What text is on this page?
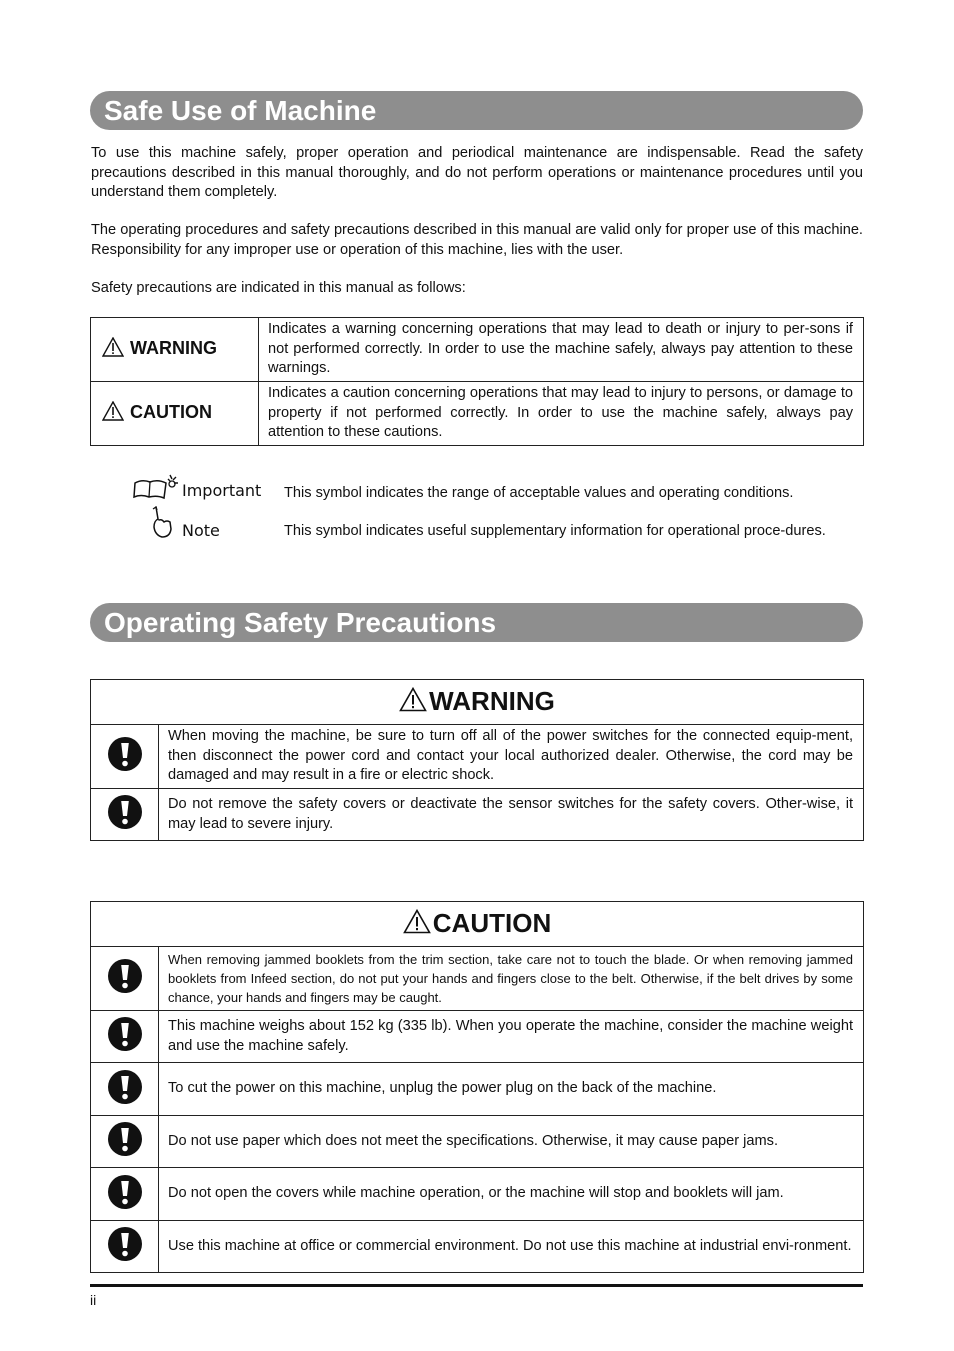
Safe Use of Machine

To use this machine safely, proper operation and periodical maintenance are indispensable. Read the safety precautions described in this manual thoroughly, and do not perform operations or maintenance procedures until you understand them completely.

The operating procedures and safety precautions described in this manual are valid only for proper use of this machine. Responsibility for any improper use or operation of this machine, lies with the user.

Safety precautions are indicated in this manual as follows:

WARNING	Indicates a warning concerning operations that may lead to death or injury to per-sons if not performed correctly. In order to use the machine safely, always pay attention to these warnings.
CAUTION	Indicates a caution concerning operations that may lead to injury to persons, or damage to property if not performed correctly. In order to use the machine safely, always pay attention to these cautions.
Important This symbol indicates the range of acceptable values and operating conditions.

Note	This symbol indicates useful supplementary information for operational proce-dures.

Operating Safety Precautions
WARNING	
	When moving the machine, be sure to turn off all of the power switches for the connected equip-ment, then disconnect the power cord and contact your local authorized dealer. Otherwise, the cord may be damaged and may result in a fire or electric shock.
	Do not remove the safety covers or deactivate the sensor switches for the safety covers. Other-wise, it may lead to severe injury.
CAUTION	
	When removing jammed booklets from the trim section, take care not to touch the blade. Or when removing jammed booklets from Infeed section, do not put your hands and fingers close to the belt. Otherwise, if the belt drives by some chance, your hands and fingers may be caught.
	This machine weighs about 152 kg (335 lb). When you operate the machine, consider the machine weight and use the machine safely.
	To cut the power on this machine, unplug the power plug on the back of the machine.
	Do not use paper which does not meet the specifications. Otherwise, it may cause paper jams.
	Do not open the covers while machine operation, or the machine will stop and booklets will jam.
	Use this machine at office or commercial environment. Do not use this machine at industrial envi-ronment.
ii
